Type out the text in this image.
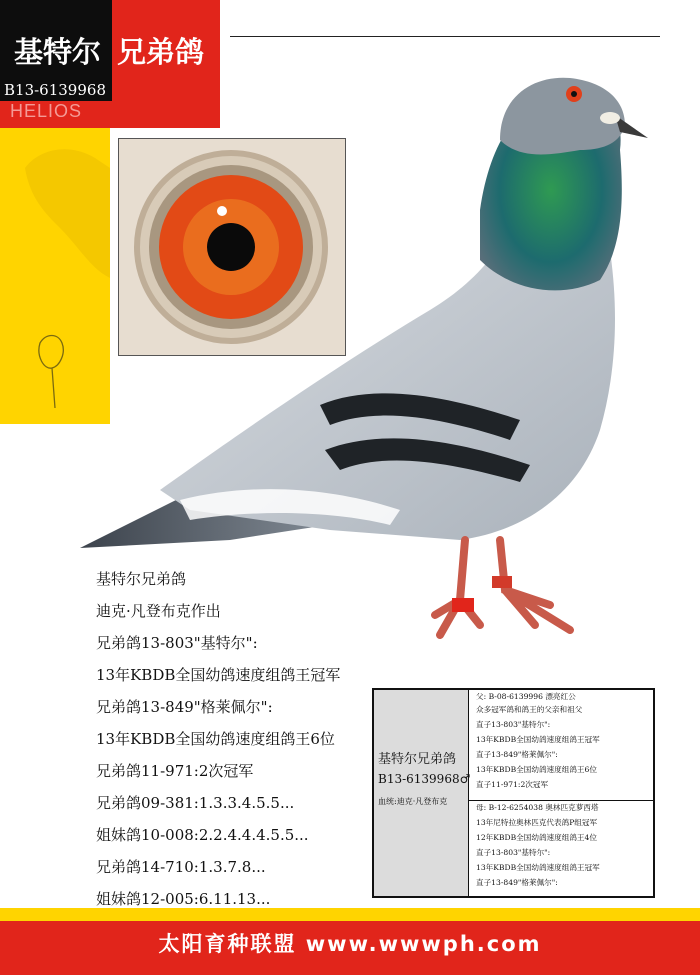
基特尔 兄弟鸽
B13-6139968
HELIOS
基特尔兄弟鸽
迪克·凡登布克作出
兄弟鸽13-803"基特尔":
13年KBDB全国幼鸽速度组鸽王冠军
兄弟鸽13-849"格莱佩尔":
13年KBDB全国幼鸽速度组鸽王6位
兄弟鸽11-971:2次冠军
兄弟鸽09-381:1.3.3.4.5.5...
姐妹鸽10-008:2.2.4.4.4.5.5...
兄弟鸽14-710:1.3.7.8...
姐妹鸽12-005:6.11.13...
基特尔兄弟鸽
B13-6139968♂
血统:迪克·凡登布克
父: B-08-6139996 漂亮红公
众多冠军鸽和鸽王的父亲和祖父
直子13-803"基特尔":
13年KBDB全国幼鸽速度组鸽王冠军
直子13-849"格莱佩尔":
13年KBDB全国幼鸽速度组鸽王6位
直子11-971:2次冠军
母: B-12-6254038 奥林匹克萝西塔
13年尼特拉奥林匹克代表鸽P组冠军
12年KBDB全国幼鸽速度组鸽王4位
直子13-803"基特尔":
13年KBDB全国幼鸽速度组鸽王冠军
直子13-849"格莱佩尔":
太阳育种联盟 www.wwwph.com
